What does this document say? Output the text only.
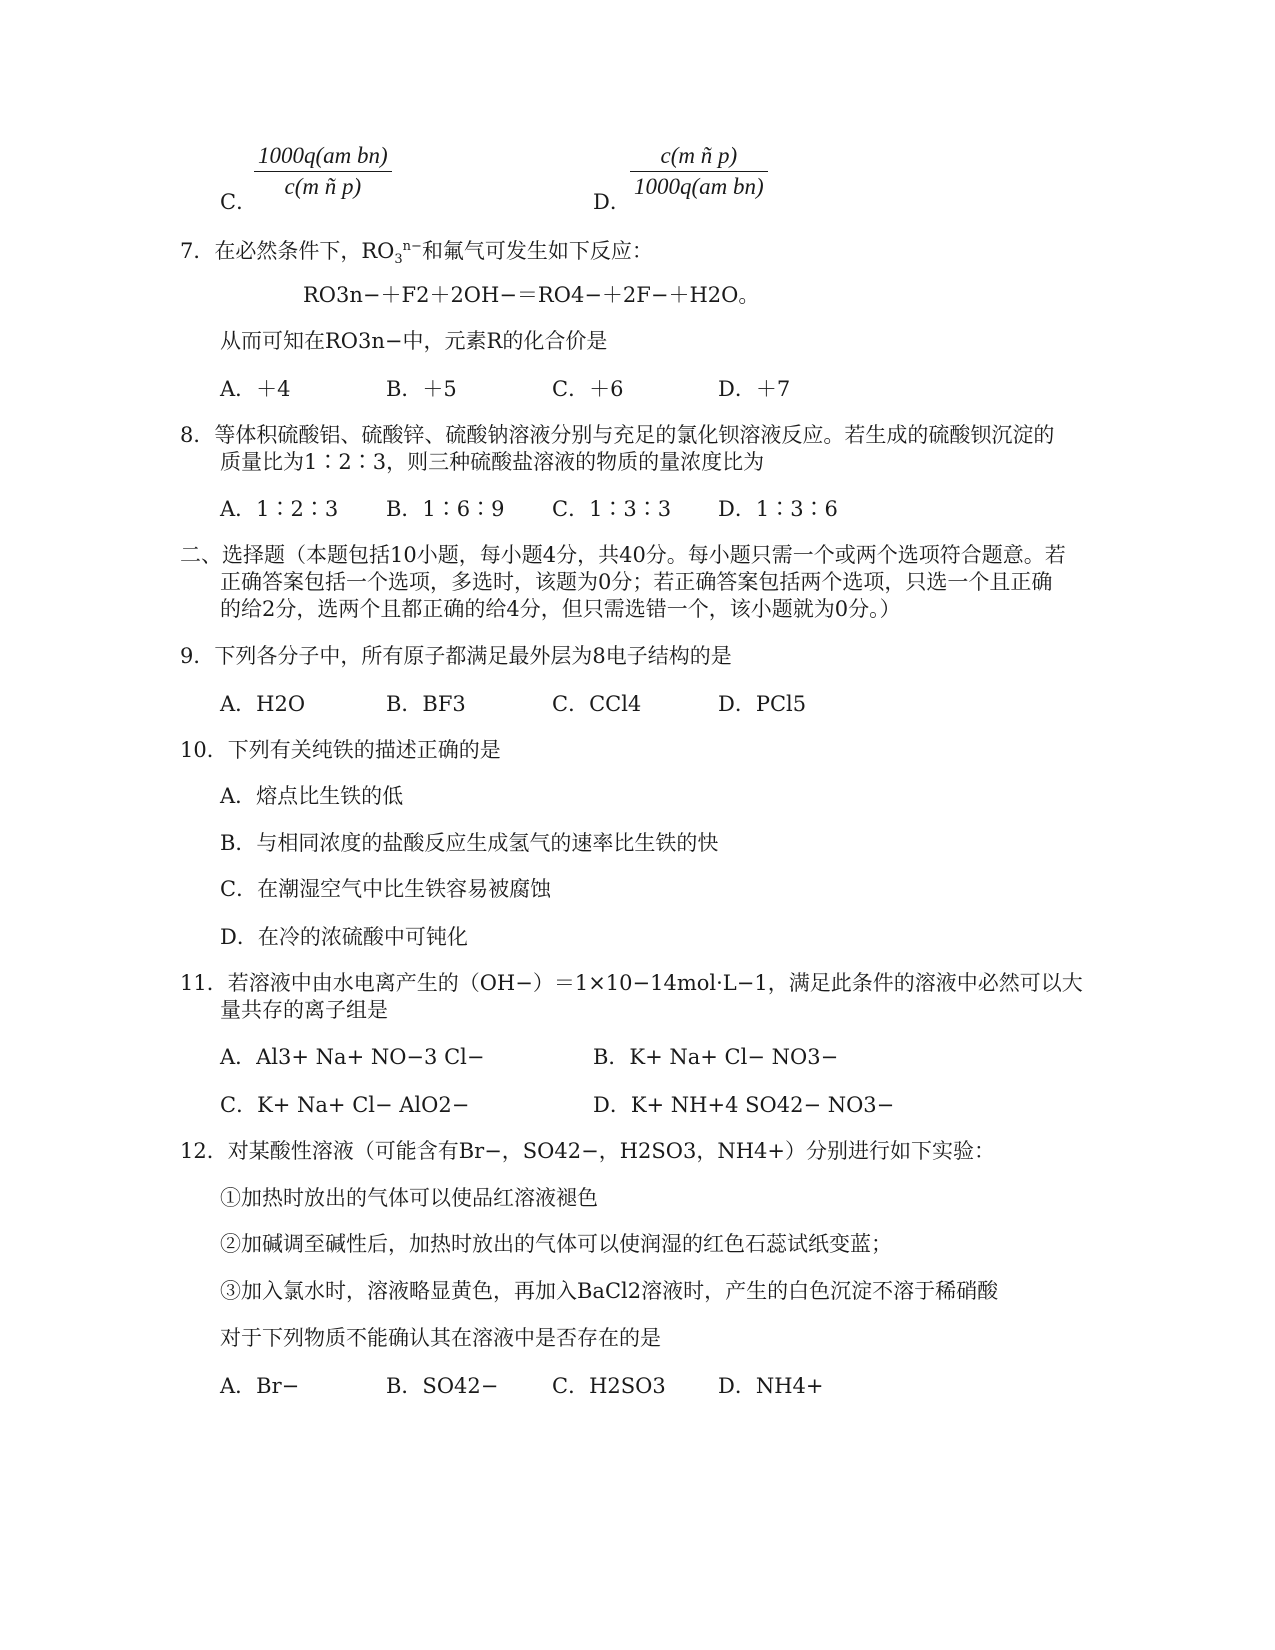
C．
$\frac{\text{1000q(am bn)}}{\text{c(m ñ p)}}$
D．
$\frac{\text{c(m ñ p)}}{\text{1000q(am bn)}}$
7．在必然条件下，$RO_3^{n-}$和氟气可发生如下反应：
RO3n−＋F2＋2OH−＝RO4−＋2F−＋H2O。
从而可知在RO3n−中，元素R的化合价是
A．＋4	B．＋5	C．＋6	D．＋7
8．等体积硫酸铝、硫酸锌、硫酸钠溶液分别与充足的氯化钡溶液反应。若生成的硫酸钡沉淀的
质量比为1∶2∶3，则三种硫酸盐溶液的物质的量浓度比为
A．1∶2∶3 B．1∶6∶9 C．1∶3∶3 D．1∶3∶6
二、选择题（本题包括10小题，每小题4分，共40分。每小题只需一个或两个选项符合题意。若
正确答案包括一个选项，多选时，该题为0分；若正确答案包括两个选项，只选一个且正确
的给2分，选两个且都正确的给4分，但只需选错一个，该小题就为0分。）
9．下列各分子中，所有原子都满足最外层为8电子结构的是
A．H2O	B．BF3	C．CCl4	D．PCl5
10．下列有关纯铁的描述正确的是
A．熔点比生铁的低
B．与相同浓度的盐酸反应生成氢气的速率比生铁的快
C．在潮湿空气中比生铁容易被腐蚀
D．在冷的浓硫酸中可钝化
11．若溶液中由水电离产生的（OH−）＝1×10−14mol·L−1，满足此条件的溶液中必然可以大
量共存的离子组是
A．Al3+ Na+ NO−3 Cl−	B．K+ Na+ Cl− NO3−
C．K+ Na+ Cl− AlO2−	D．K+ NH+4 SO42− NO3−
12．对某酸性溶液（可能含有Br−，SO42−，H2SO3，NH4+）分别进行如下实验：
①加热时放出的气体可以使品红溶液褪色
②加碱调至碱性后，加热时放出的气体可以使润湿的红色石蕊试纸变蓝；
③加入氯水时，溶液略显黄色，再加入BaCl2溶液时，产生的白色沉淀不溶于稀硝酸
对于下列物质不能确认其在溶液中是否存在的是
A．Br−	B．SO42−	C．H2SO3 D．NH4+
